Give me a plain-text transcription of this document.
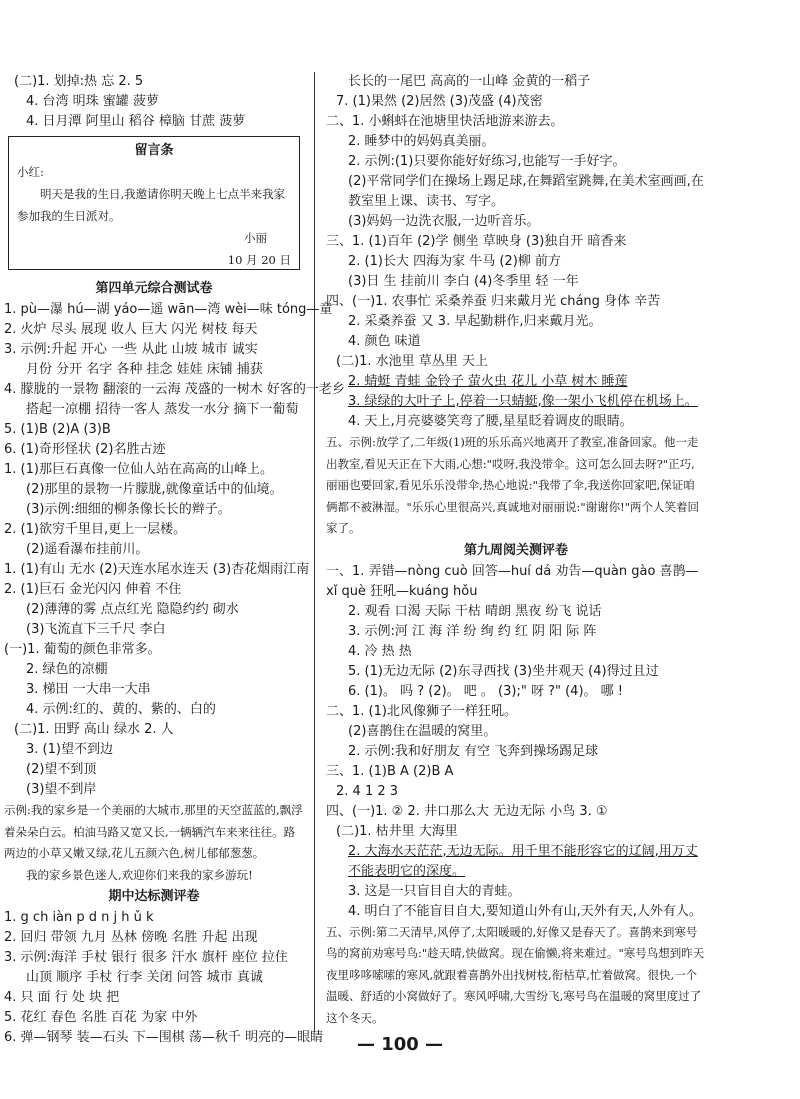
(二)1. 划掉:热 忘 2. 5
4. 台湾 明珠 蜜罐 菠萝
4. 日月潭 阿里山 稻谷 樟脑 甘蔗 菠萝
留言条
小红:
明天是我的生日,我邀请你明天晚上七点半来我家参加我的生日派对。
小丽
10 月 20 日
第四单元综合测试卷
1. pù—瀑 hú—湖 yáo—遥 wān—湾 wèi—味 tóng—童
2. 火炉 尽头 展现 收人 巨大 闪光 树枝 每天
3. 示例:升起 开心 一些 从此 山坡 城市 诚实
月份 分开 名字 各种 挂念 娃娃 床铺 捕获
4. 朦胧的一景物 翻滚的一云海 茂盛的一树木 好客的一老乡
搭起一凉棚 招待一客人 蒸发一水分 摘下一葡萄
5. (1)B (2)A (3)B
6. (1)奇形怪状 (2)名胜古迹
1. (1)那巨石真像一位仙人站在高高的山峰上。
(2)那里的景物一片朦胧,就像童话中的仙境。
(3)示例:细细的柳条像长长的辫子。
2. (1)欲穷千里目,更上一层楼。
(2)遥看瀑布挂前川。
1. (1)有山 无水 (2)天连水尾水连天 (3)杏花烟雨江南
2. (1)巨石 金光闪闪 伸着 不住
(2)薄薄的雾 点点红光 隐隐约约 砌水
(3)飞流直下三千尺 李白
(一)1. 葡萄的颜色非常多。
2. 绿色的凉棚
3. 梯田 一大串一大串
4. 示例:红的、黄的、紫的、白的
(二)1. 田野 高山 绿水 2. 人
3. (1)望不到边
(2)望不到顶
(3)望不到岸
示例:我的家乡是一个美丽的大城市,那里的天空蓝蓝的,飘浮着朵朵白云。柏油马路又宽又长,一辆辆汽车来来往往。路两边的小草又嫩又绿,花儿五颜六色,树儿郁郁葱葱。
我的家乡景色迷人,欢迎你们来我的家乡游玩!
期中达标测评卷
1. g ch iàn p d n j h ǔ k
2. 回归 带领 九月 丛林 傍晚 名胜 升起 出现
3. 示例:海洋 手杖 银行 很多 汗水 旗杆 座位 拉住
山顶 顺序 手杖 行李 关闭 问答 城市 真诚
4. 只 面 行 处 块 把
5. 花红 春色 名胜 百花 为家 中外
6. 弹—钢琴 装—石头 下—围棋 荡—秋千 明亮的—眼睛
长长的一尾巴 高高的一山峰 金黄的一稻子
7. (1)果然 (2)居然 (3)茂盛 (4)茂密
二、1. 小蝌蚪在池塘里快活地游来游去。
2. 睡梦中的妈妈真美丽。
2. 示例:(1)只要你能好好练习,也能写一手好字。
(2)平常同学们在操场上踢足球,在舞蹈室跳舞,在美术室画画,在教室里上课、读书、写字。
(3)妈妈一边洗衣服,一边听音乐。
三、1. (1)百年 (2)学 侧坐 草映身 (3)独自开 暗香来
2. (1)长大 四海为家 牛马 (2)柳 前方
(3)日 生 挂前川 李白 (4)冬季里 轻 一年
四、(一)1. 农事忙 采桑养蚕 归来戴月光 cháng 身体 辛苦
2. 采桑养蚕 又 3. 早起勤耕作,归来戴月光。
4. 颜色 味道
(二)1. 水池里 草丛里 天上
2. 蜻蜓 青蛙 金铃子 萤火虫 花儿 小草 树木 睡莲
3. 绿绿的大叶子上,停着一只蜻蜓,像一架小飞机停在机场上。
4. 天上,月亮婆婆笑弯了腰,星星眨着调皮的眼睛。
五、示例:放学了,二年级(1)班的乐乐高兴地离开了教室,准备回家。他一走出教室,看见天正在下大雨,心想:"哎呀,我没带伞。这可怎么回去呀?"正巧,丽丽也要回家,看见乐乐没带伞,热心地说:"我带了伞,我送你回家吧,保证咱俩都不被淋湿。"乐乐心里很高兴,真诚地对丽丽说:"谢谢你!"两个人笑着回家了。
第九周阅关测评卷
一、1. 弄错—nòng cuò 回答—huí dá 劝告—quàn gào 喜鹊—xǐ què 狂吼—kuáng hǒu
2. 观看 口渴 天际 干枯 晴朗 黑夜 纷飞 说话
3. 示例:河 江 海 洋 纷 绚 约 红 阴 阳 际 阵
4. 冷 热 热
5. (1)无边无际 (2)东寻西找 (3)坐井观天 (4)得过且过
6. (1)。 吗 ? (2)。 吧 。 (3);" 呀 ?" (4)。 哪 !
二、1. (1)北风像狮子一样狂吼。
(2)喜鹊住在温暖的窝里。
2. 示例:我和好朋友 有空 飞奔到操场踢足球
三、1. (1)B A (2)B A
2. 4 1 2 3
四、(一)1. ② 2. 井口那么大 无边无际 小鸟 3. ①
(二)1. 枯井里 大海里
2. 大海水天茫茫,无边无际。用千里不能形容它的辽阔,用万丈不能表明它的深度。
3. 这是一只盲目自大的青蛙。
4. 明白了不能盲目自大,要知道山外有山,天外有天,人外有人。
五、示例:第二天清早,风停了,太阳暖暖的,好像又是春天了。喜鹊来到寒号鸟的窝前劝寒号鸟:"趁天晴,快做窝。现在偷懒,将来难过。"寒号鸟想到昨天夜里哆哆嗦嗦的寒风,就跟着喜鹊外出找树枝,衔枯草,忙着做窝。很快,一个温暖、舒适的小窝做好了。寒风呼啸,大雪纷飞,寒号鸟在温暖的窝里度过了这个冬天。
— 100 —
